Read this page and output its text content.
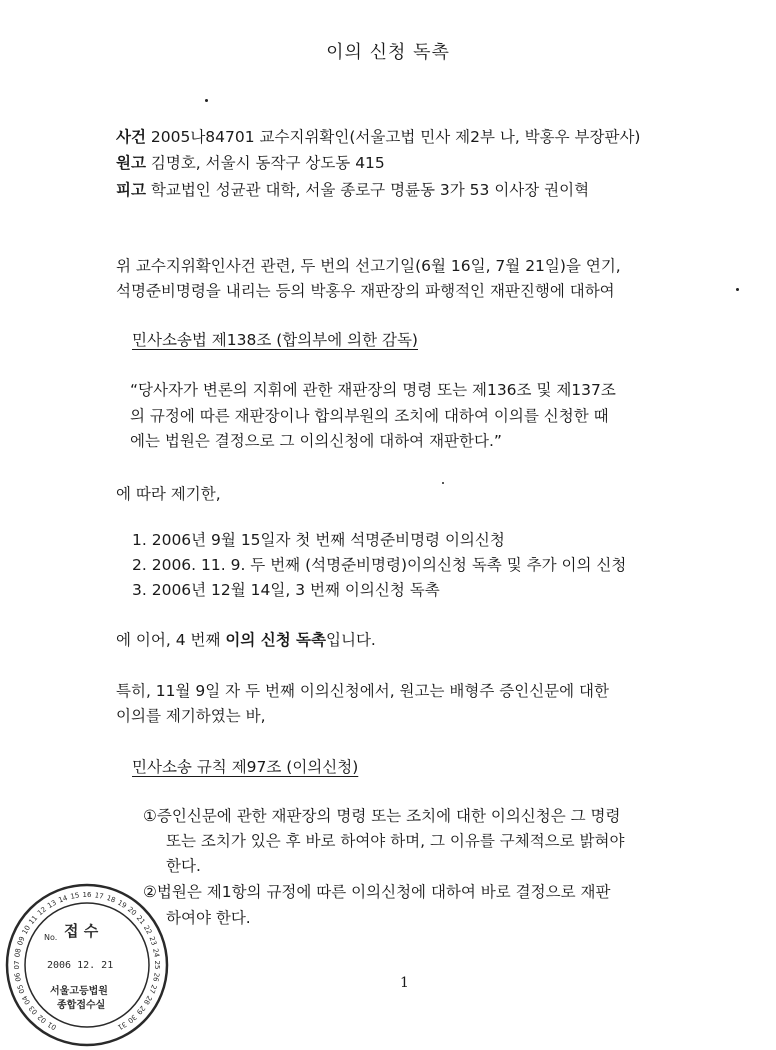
이의 신청 독촉
사건 2005나84701 교수지위확인(서울고법 민사 제2부 나, 박홍우 부장판사)
원고 김명호, 서울시 동작구 상도동 415
피고 학교법인 성균관 대학, 서울 종로구 명륜동 3가 53 이사장 권이혁
위 교수지위확인사건 관련, 두 번의 선고기일(6월 16일, 7월 21일)을 연기,
석명준비명령을 내리는 등의 박홍우 재판장의 파행적인 재판진행에 대하여
민사소송법 제138조 (합의부에 의한 감독)
“당사자가 변론의 지휘에 관한 재판장의 명령 또는 제136조 및 제137조
의 규정에 따른 재판장이나 합의부원의 조치에 대하여 이의를 신청한 때
에는 법원은 결정으로 그 이의신청에 대하여 재판한다.”
에 따라 제기한,
1. 2006년 9월 15일자 첫 번째 석명준비명령 이의신청
2. 2006. 11. 9. 두 번째 (석명준비명령)이의신청 독촉 및 추가 이의 신청
3. 2006년 12월 14일, 3 번째 이의신청 독촉
에 이어, 4 번째 이의 신청 독촉입니다.
특히, 11월 9일 자 두 번째 이의신청에서, 원고는 배형주 증인신문에 대한
이의를 제기하였는 바,
민사소송 규칙 제97조 (이의신청)
①증인신문에 관한 재판장의 명령 또는 조치에 대한 이의신청은 그 명령
또는 조치가 있은 후 바로 하여야 하며, 그 이유를 구체적으로 밝혀야
한다.
②법원은 제1항의 규정에 따른 이의신청에 대하여 바로 결정으로 재판
하여야 한다.
1
01
02
03
04
05
06
07
08
09
10
11
12
13 14 15 16 17 18 19
20
21
22
23
24
25
26
27
28
29
30
31
No. 접 수
2006 12. 21
서울고등법원
종합접수실
